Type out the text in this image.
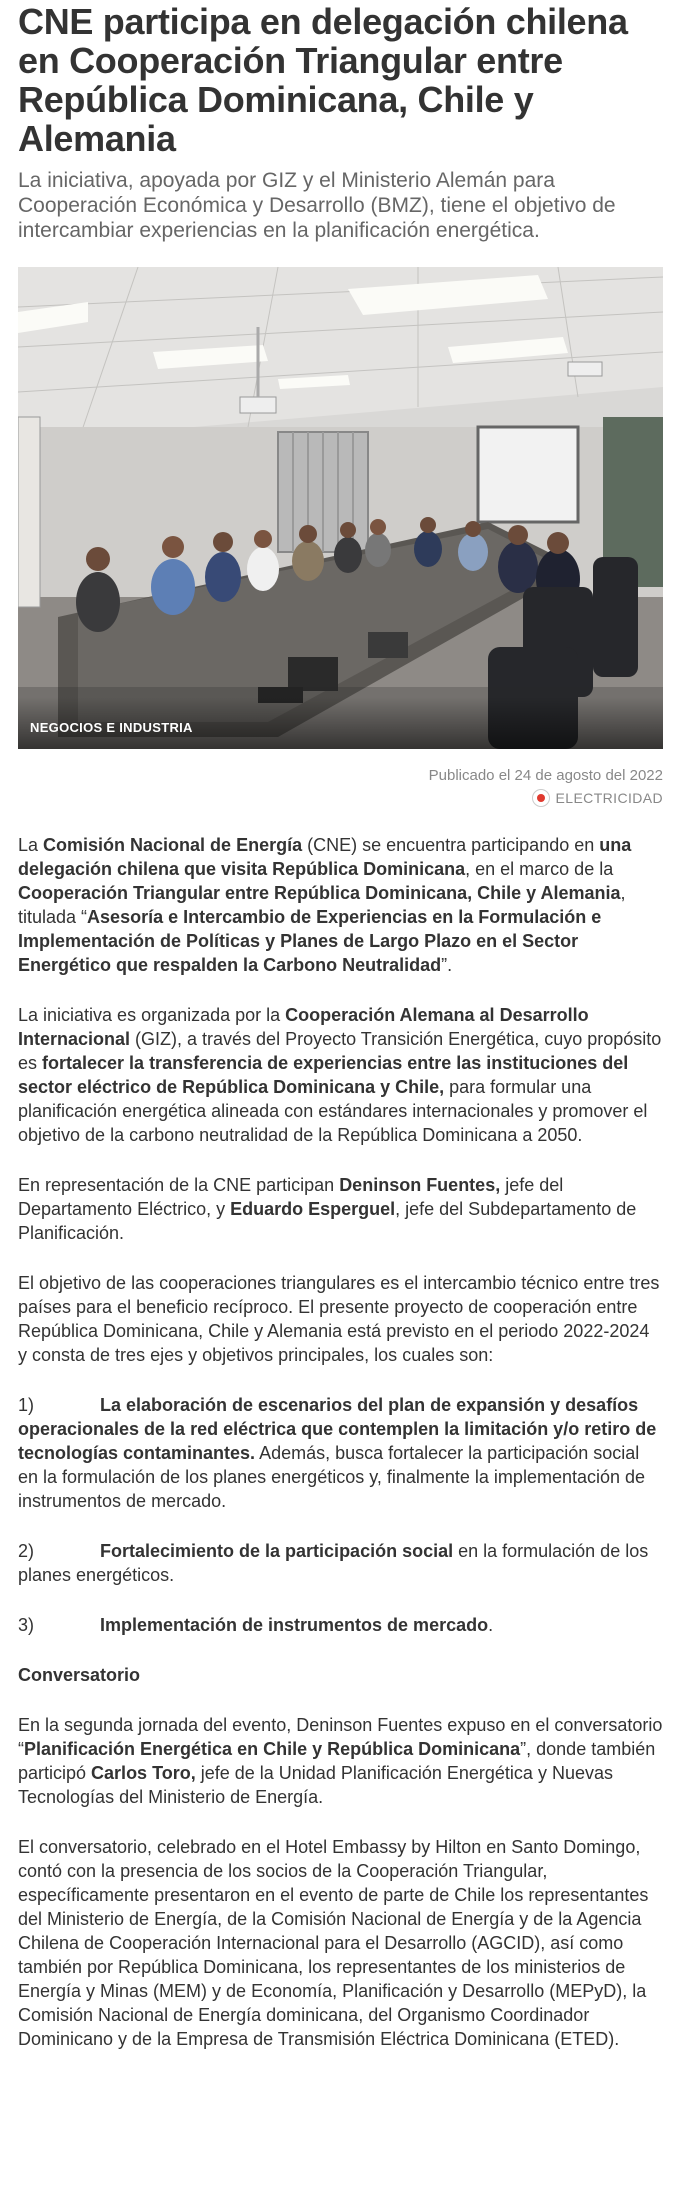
CNE participa en delegación chilena en Cooperación Triangular entre República Dominicana, Chile y Alemania

La iniciativa, apoyada por GIZ y el Ministerio Alemán para Cooperación Económica y Desarrollo (BMZ), tiene el objetivo de intercambiar experiencias en la planificación energética.

NEGOCIOS E INDUSTRIA
Publicado el 24 de agosto del 2022
ELECTRICIDAD

La Comisión Nacional de Energía (CNE) se encuentra participando en una delegación chilena que visita República Dominicana, en el marco de la Cooperación Triangular entre República Dominicana, Chile y Alemania, titulada “Asesoría e Intercambio de Experiencias en la Formulación e Implementación de Políticas y Planes de Largo Plazo en el Sector Energético que respalden la Carbono Neutralidad”.

La iniciativa es organizada por la Cooperación Alemana al Desarrollo Internacional (GIZ), a través del Proyecto Transición Energética, cuyo propósito es fortalecer la transferencia de experiencias entre las instituciones del sector eléctrico de República Dominicana y Chile, para formular una planificación energética alineada con estándares internacionales y promover el objetivo de la carbono neutralidad de la República Dominicana a 2050.

En representación de la CNE participan Deninson Fuentes, jefe del Departamento Eléctrico, y Eduardo Esperguel, jefe del Subdepartamento de Planificación.

El objetivo de las cooperaciones triangulares es el intercambio técnico entre tres países para el beneficio recíproco. El presente proyecto de cooperación entre República Dominicana, Chile y Alemania está previsto en el periodo 2022-2024 y consta de tres ejes y objetivos principales, los cuales son:

1)	La elaboración de escenarios del plan de expansión y desafíos operacionales de la red eléctrica que contemplen la limitación y/o retiro de tecnologías contaminantes. Además, busca fortalecer la participación social en la formulación de los planes energéticos y, finalmente la implementación de instrumentos de mercado.

2)	Fortalecimiento de la participación social en la formulación de los planes energéticos.

3)	Implementación de instrumentos de mercado.

Conversatorio

En la segunda jornada del evento, Deninson Fuentes expuso en el conversatorio “Planificación Energética en Chile y República Dominicana”, donde también participó Carlos Toro, jefe de la Unidad Planificación Energética y Nuevas Tecnologías del Ministerio de Energía.

El conversatorio, celebrado en el Hotel Embassy by Hilton en Santo Domingo, contó con la presencia de los socios de la Cooperación Triangular, específicamente presentaron en el evento de parte de Chile los representantes del Ministerio de Energía, de la Comisión Nacional de Energía y de la Agencia Chilena de Cooperación Internacional para el Desarrollo (AGCID), así como también por República Dominicana, los representantes de los ministerios de Energía y Minas (MEM) y de Economía, Planificación y Desarrollo (MEPyD), la Comisión Nacional de Energía dominicana, del Organismo Coordinador Dominicano y de la Empresa de Transmisión Eléctrica Dominicana (ETED).
